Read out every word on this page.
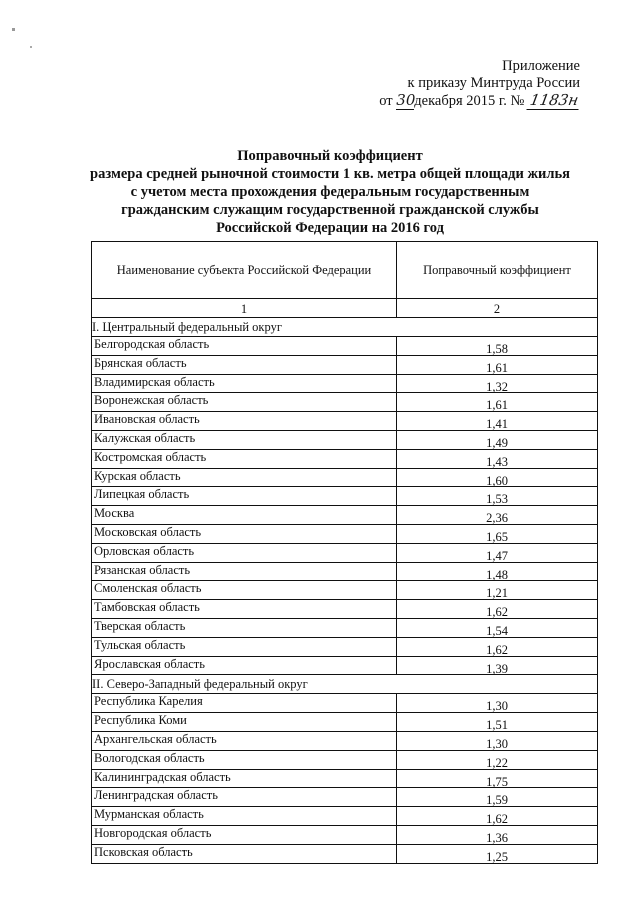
Приложение
к приказу Минтруда России
от 30декабря 2015 г. № 1183н
Поправочный коэффициент
размера средней рыночной стоимости 1 кв. метра общей площади жилья
с учетом места прохождения федеральным государственным
гражданским служащим государственной гражданской службы
Российской Федерации на 2016 год
Наименование субъекта Российской Федерации	Поправочный коэффициент
1	2
I. Центральный федеральный округ
Белгородская область	1,58
Брянская область	1,61
Владимирская область	1,32
Воронежская область	1,61
Ивановская область	1,41
Калужская область	1,49
Костромская область	1,43
Курская область	1,60
Липецкая область	1,53
Москва	2,36
Московская область	1,65
Орловская область	1,47
Рязанская область	1,48
Смоленская область	1,21
Тамбовская область	1,62
Тверская область	1,54
Тульская область	1,62
Ярославская область	1,39
II. Северо-Западный федеральный округ
Республика Карелия	1,30
Республика Коми	1,51
Архангельская область	1,30
Вологодская область	1,22
Калининградская область	1,75
Ленинградская область	1,59
Мурманская область	1,62
Новгородская область	1,36
Псковская область	1,25
